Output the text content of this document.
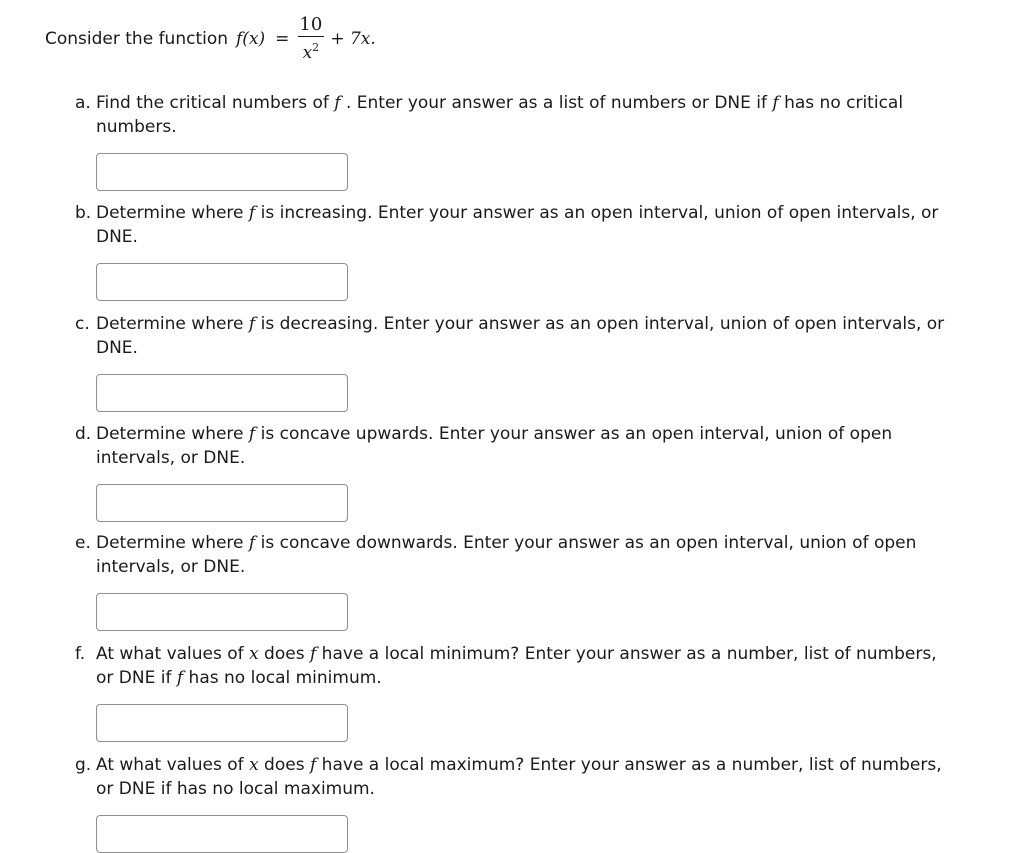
Consider the function $f(x) = \frac{10}{x^2} + 7x$.
a. Find the critical numbers of f . Enter your answer as a list of numbers or DNE if f has no critical numbers.
b. Determine where f is increasing. Enter your answer as an open interval, union of open intervals, or DNE.
c. Determine where f is decreasing. Enter your answer as an open interval, union of open intervals, or DNE.
d. Determine where f is concave upwards. Enter your answer as an open interval, union of open intervals, or DNE.
e. Determine where f is concave downwards. Enter your answer as an open interval, union of open intervals, or DNE.
f. At what values of x does f have a local minimum? Enter your answer as a number, list of numbers, or DNE if f has no local minimum.
g. At what values of x does f have a local maximum? Enter your answer as a number, list of numbers, or DNE if has no local maximum.
